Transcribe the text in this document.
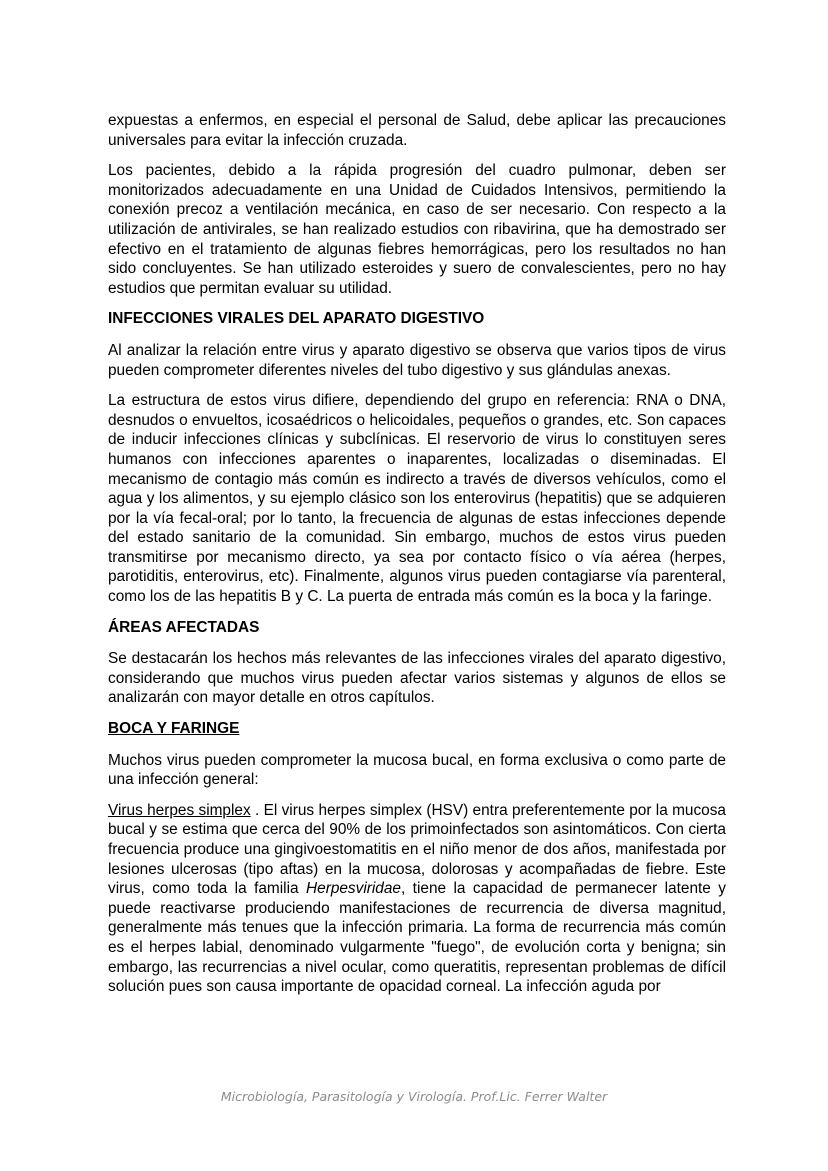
expuestas a enfermos, en especial el personal de Salud, debe aplicar las precauciones universales para evitar la infección cruzada.

Los pacientes, debido a la rápida progresión del cuadro pulmonar, deben ser monitorizados adecuadamente en una Unidad de Cuidados Intensivos, permitiendo la conexión precoz a ventilación mecánica, en caso de ser necesario. Con respecto a la utilización de antivirales, se han realizado estudios con ribavirina, que ha demostrado ser efectivo en el tratamiento de algunas fiebres hemorrágicas, pero los resultados no han sido concluyentes. Se han utilizado esteroides y suero de convalescientes, pero no hay estudios que permitan evaluar su utilidad.

INFECCIONES VIRALES DEL APARATO DIGESTIVO

Al analizar la relación entre virus y aparato digestivo se observa que varios tipos de virus pueden comprometer diferentes niveles del tubo digestivo y sus glándulas anexas.

La estructura de estos virus difiere, dependiendo del grupo en referencia: RNA o DNA, desnudos o envueltos, icosaédricos o helicoidales, pequeños o grandes, etc. Son capaces de inducir infecciones clínicas y subclínicas. El reservorio de virus lo constituyen seres humanos con infecciones aparentes o inaparentes, localizadas o diseminadas. El mecanismo de contagio más común es indirecto a través de diversos vehículos, como el agua y los alimentos, y su ejemplo clásico son los enterovirus (hepatitis) que se adquieren por la vía fecal-oral; por lo tanto, la frecuencia de algunas de estas infecciones depende del estado sanitario de la comunidad. Sin embargo, muchos de estos virus pueden transmitirse por mecanismo directo, ya sea por contacto físico o vía aérea (herpes, parotiditis, enterovirus, etc). Finalmente, algunos virus pueden contagiarse vía parenteral, como los de las hepatitis B y C. La puerta de entrada más común es la boca y la faringe.

ÁREAS AFECTADAS

Se destacarán los hechos más relevantes de las infecciones virales del aparato digestivo, considerando que muchos virus pueden afectar varios sistemas y algunos de ellos se analizarán con mayor detalle en otros capítulos.

BOCA Y FARINGE

Muchos virus pueden comprometer la mucosa bucal, en forma exclusiva o como parte de una infección general:

Virus herpes simplex . El virus herpes simplex (HSV) entra preferentemente por la mucosa bucal y se estima que cerca del 90% de los primoinfectados son asintomáticos. Con cierta frecuencia produce una gingivoestomatitis en el niño menor de dos años, manifestada por lesiones ulcerosas (tipo aftas) en la mucosa, dolorosas y acompañadas de fiebre. Este virus, como toda la familia Herpesviridae, tiene la capacidad de permanecer latente y puede reactivarse produciendo manifestaciones de recurrencia de diversa magnitud, generalmente más tenues que la infección primaria. La forma de recurrencia más común es el herpes labial, denominado vulgarmente "fuego", de evolución corta y benigna; sin embargo, las recurrencias a nivel ocular, como queratitis, representan problemas de difícil solución pues son causa importante de opacidad corneal. La infección aguda por

Microbiología, Parasitología y Virología. Prof.Lic. Ferrer Walter
